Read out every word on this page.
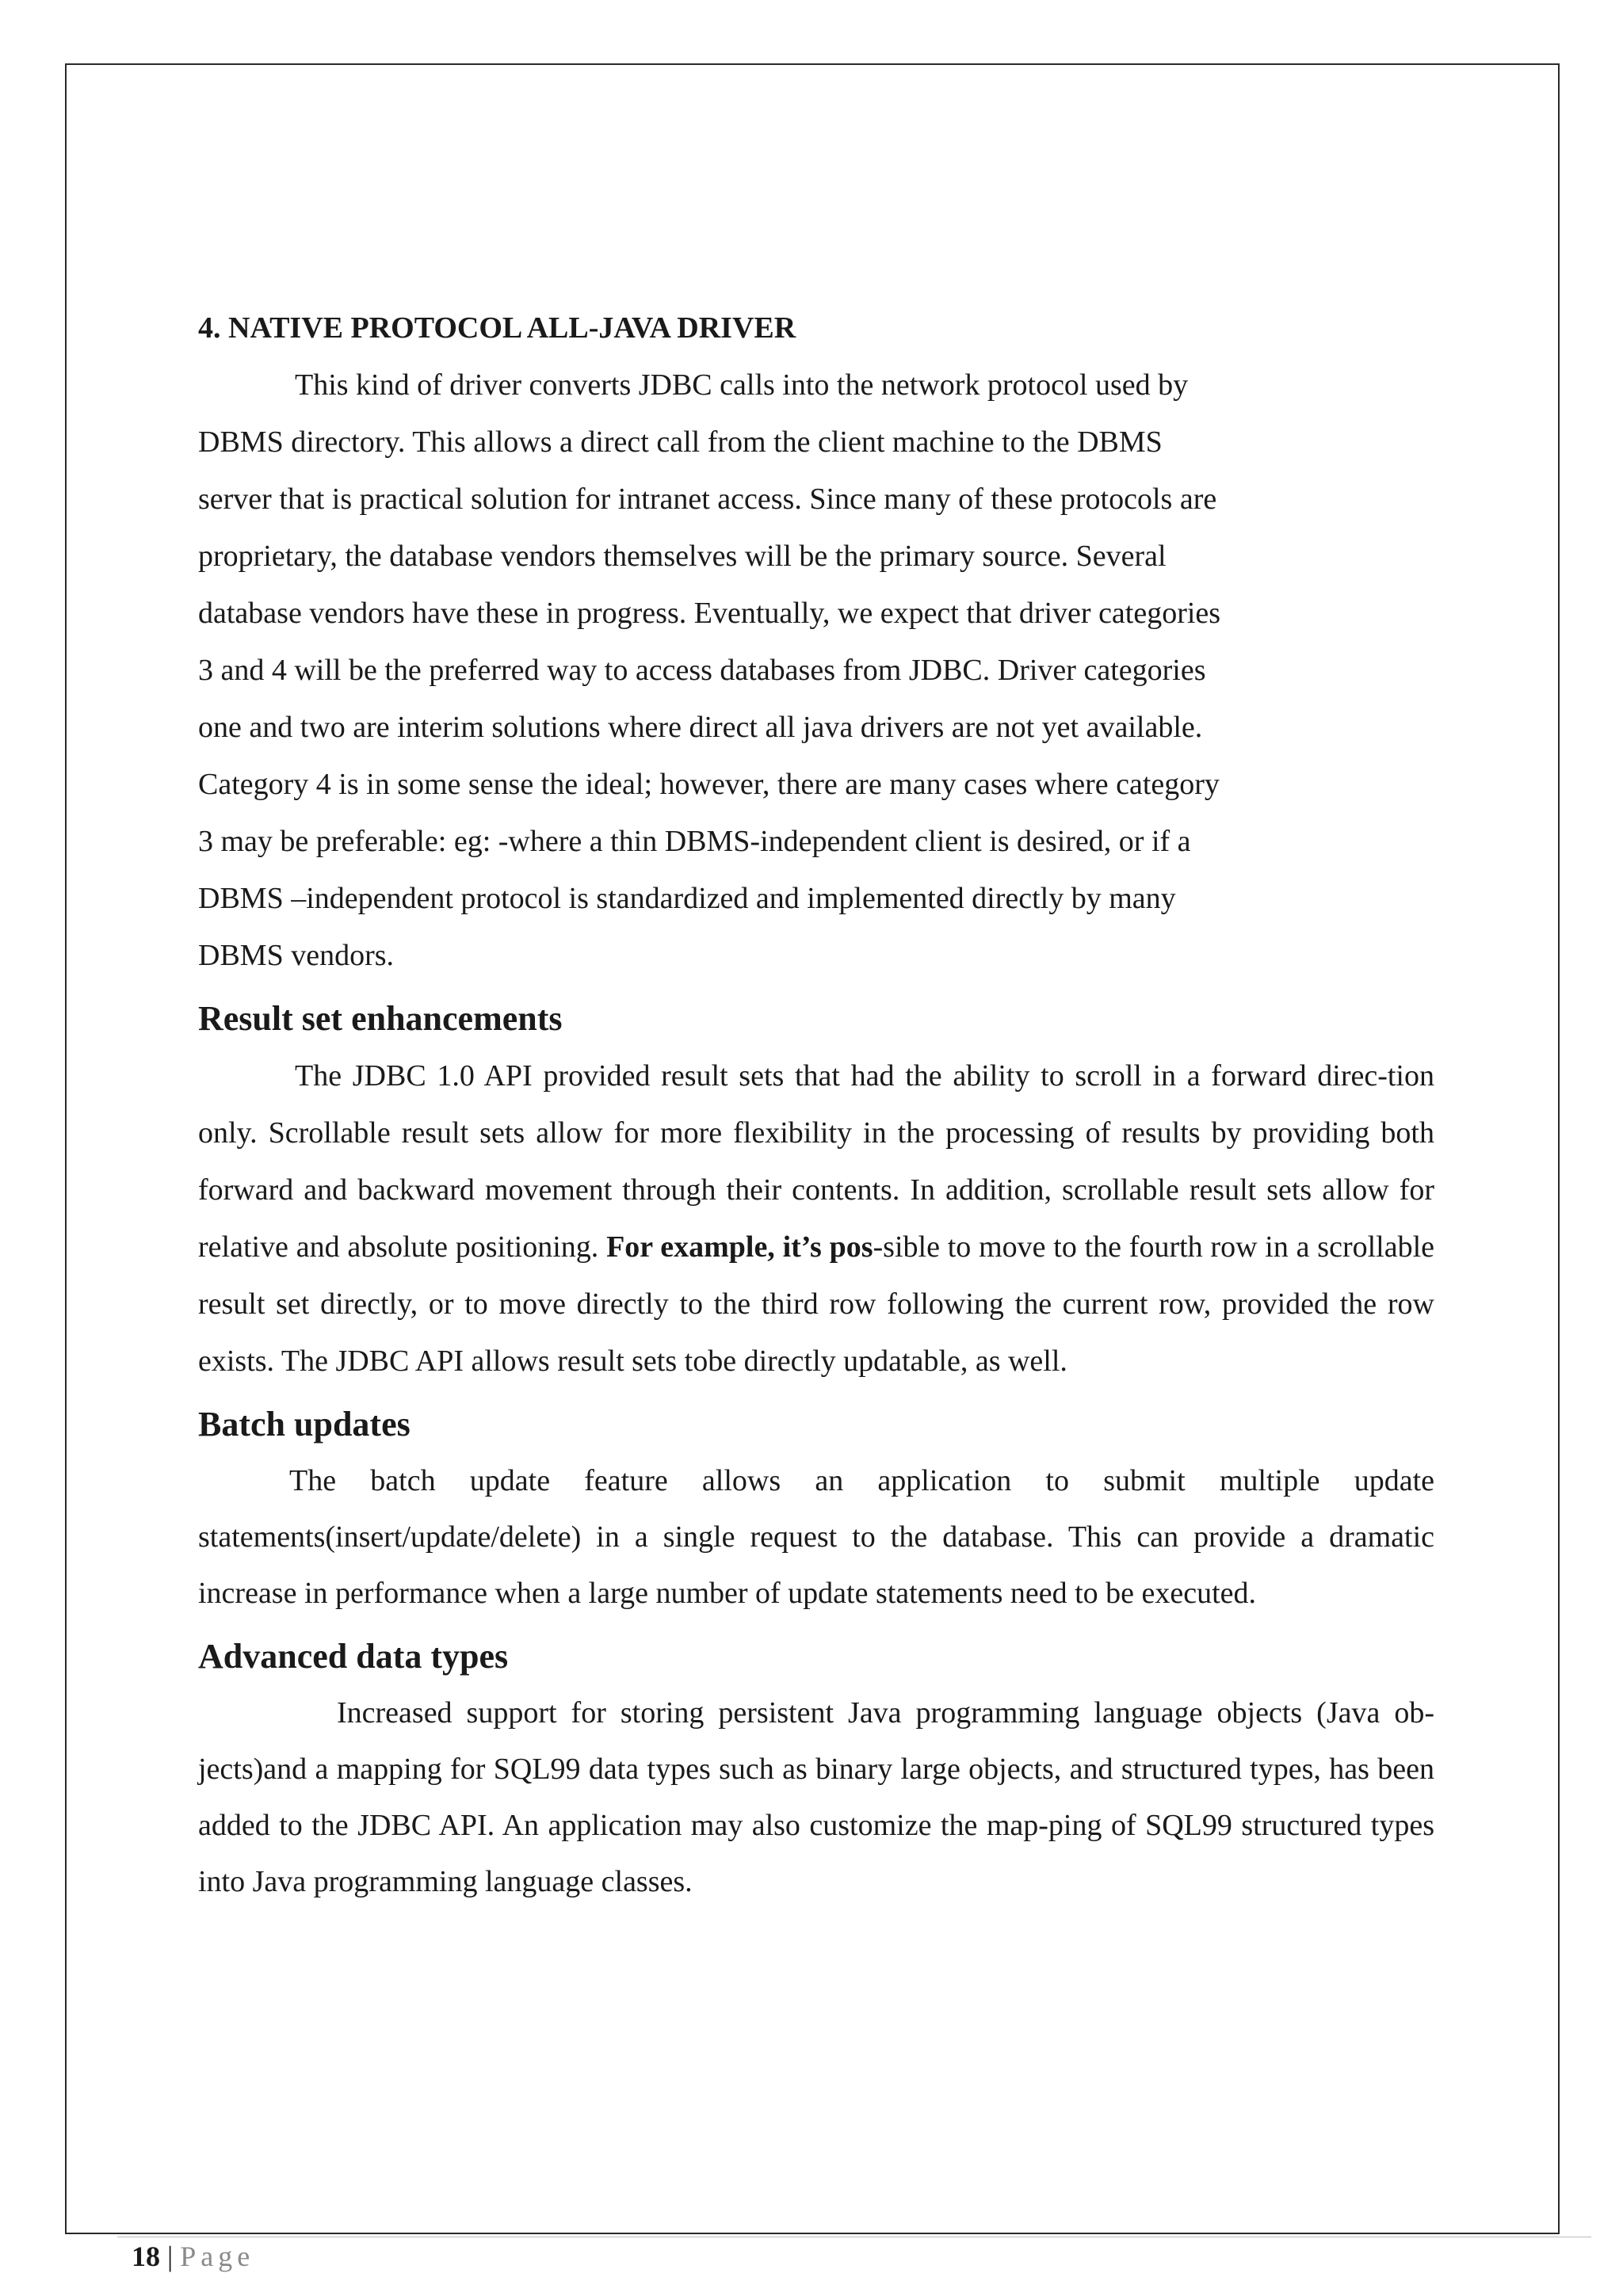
4. NATIVE PROTOCOL ALL-JAVA DRIVER

This kind of driver converts JDBC calls into the network protocol used by

DBMS directory. This allows a direct call from the client machine to the DBMS

server that is practical solution for intranet access. Since many of these protocols are

proprietary, the database vendors themselves will be the primary source. Several

database vendors have these in progress. Eventually, we expect that driver categories

3 and 4 will be the preferred way to access databases from JDBC. Driver categories

one and two are interim solutions where direct all java drivers are not yet available.

Category 4 is in some sense the ideal; however, there are many cases where category

3 may be preferable: eg: -where a thin DBMS-independent client is desired, or if a

DBMS –independent protocol is standardized and implemented directly by many

DBMS vendors.

Result set enhancements

The JDBC 1.0 API provided result sets that had the ability to scroll in a forward direc-tion only. Scrollable result sets allow for more flexibility in the processing of results by providing both forward and backward movement through their contents. In addition, scrollable result sets allow for relative and absolute positioning. For example, it’s pos-sible to move to the fourth row in a scrollable result set directly, or to move directly to the third row following the current row, provided the row exists. The JDBC API allows result sets tobe directly updatable, as well.

Batch updates

The batch update feature allows an application to submit multiple update statements(insert/update/delete) in a single request to the database. This can provide a dramatic increase in performance when a large number of update statements need to be executed.

Advanced data types

Increased support for storing persistent Java programming language objects (Java ob-jects)and a mapping for SQL99 data types such as binary large objects, and structured types, has been added to the JDBC API. An application may also customize the map-ping of SQL99 structured types into Java programming language classes.

18 | Page
